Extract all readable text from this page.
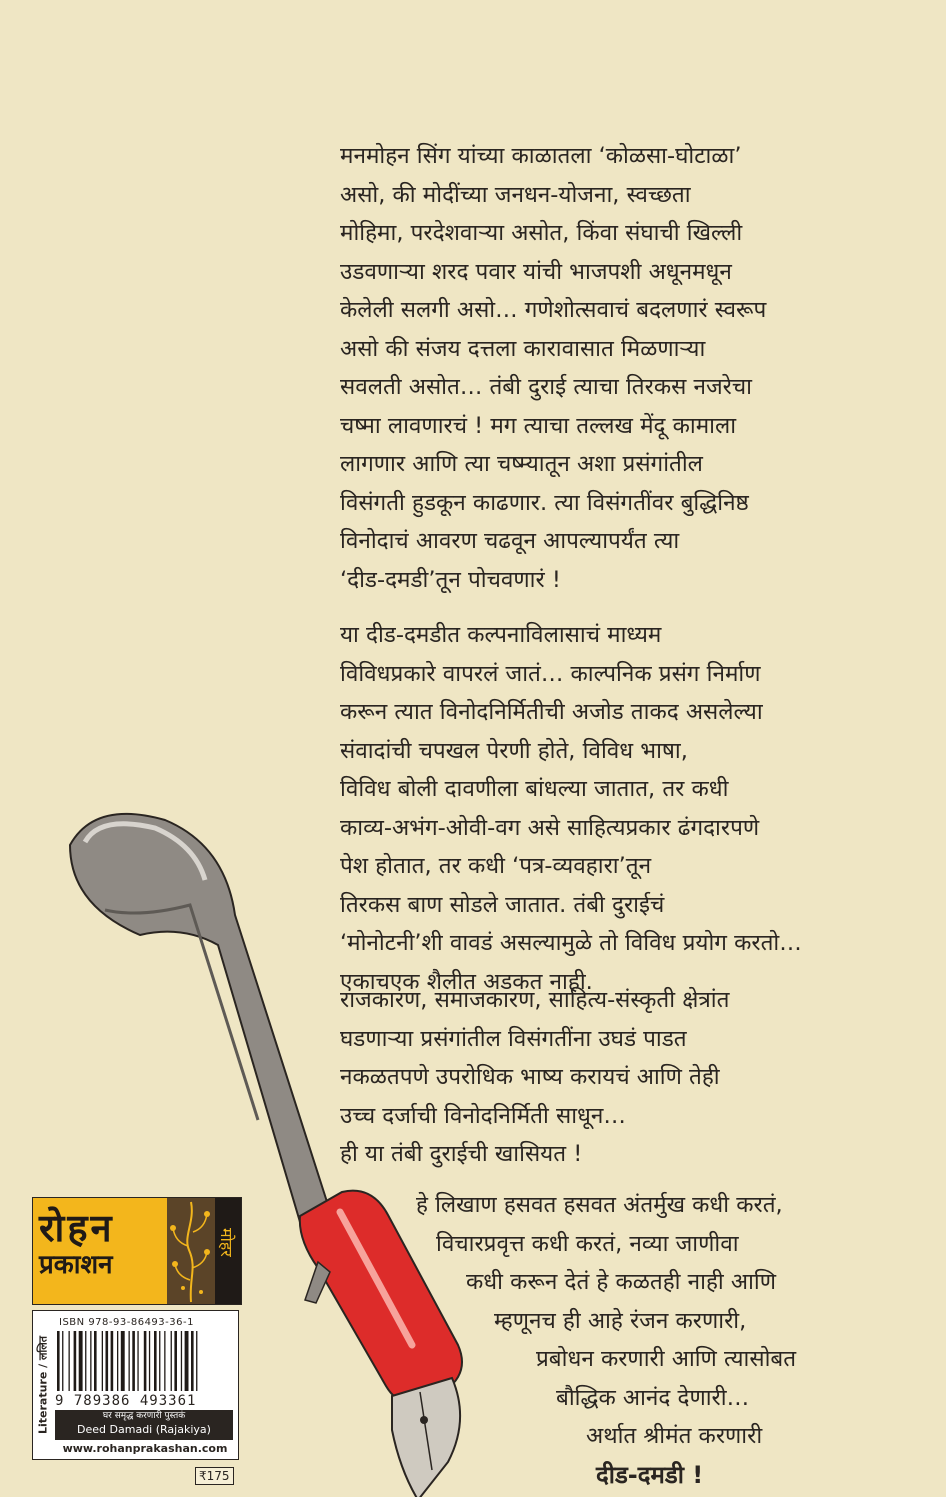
मनमोहन सिंग यांच्या काळातला ‘कोळसा-घोटाळा’
असो, की मोदींच्या जनधन-योजना, स्वच्छता
मोहिमा, परदेशवाऱ्या असोत, किंवा संघाची खिल्ली
उडवणाऱ्या शरद पवार यांची भाजपशी अधूनमधून
केलेली सलगी असो… गणेशोत्सवाचं बदलणारं स्वरूप
असो की संजय दत्तला कारावासात मिळणाऱ्या
सवलती असोत… तंबी दुराई त्याचा तिरकस नजरेचा
चष्मा लावणारचं ! मग त्याचा तल्लख मेंदू कामाला
लागणार आणि त्या चष्म्यातून अशा प्रसंगांतील
विसंगती हुडकून काढणार. त्या विसंगतींवर बुद्धिनिष्ठ
विनोदाचं आवरण चढवून आपल्यापर्यंत त्या
‘दीड-दमडी’तून पोचवणारं !
या दीड-दमडीत कल्पनाविलासाचं माध्यम
विविधप्रकारे वापरलं जातं… काल्पनिक प्रसंग निर्माण
करून त्यात विनोदनिर्मितीची अजोड ताकद असलेल्या
संवादांची चपखल पेरणी होते, विविध भाषा,
विविध बोली दावणीला बांधल्या जातात, तर कधी
काव्य-अभंग-ओवी-वग असे साहित्यप्रकार ढंगदारपणे
पेश होतात, तर कधी ‘पत्र-व्यवहारा’तून
तिरकस बाण सोडले जातात. तंबी दुराईचं
‘मोनोटनी’शी वावडं असल्यामुळे तो विविध प्रयोग करतो…
एकाचएक शैलीत अडकत नाही.
राजकारण, समाजकारण, साहित्य-संस्कृती क्षेत्रांत
घडणाऱ्या प्रसंगांतील विसंगतींना उघडं पाडत
नकळतपणे उपरोधिक भाष्य करायचं आणि तेही
उच्च दर्जाची विनोदनिर्मिती साधून…
ही या तंबी दुराईची खासियत !
हे लिखाण हसवत हसवत अंतर्मुख कधी करतं,
विचारप्रवृत्त कधी करतं, नव्या जाणीवा
कधी करून देतं हे कळतही नाही आणि
म्हणूनच ही आहे रंजन करणारी,
प्रबोधन करणारी आणि त्यासोबत
बौद्धिक आनंद देणारी…
अर्थात श्रीमंत करणारी
दीड-दमडी !
रोहन
प्रकाशन
मोहर
Literature / ललित
ISBN 978-93-86493-36-1
9 789386 493361
घर समृद्ध करणारी पुस्तकं
Deed Damadi (Rajakiya)
www.rohanprakashan.com
₹175
